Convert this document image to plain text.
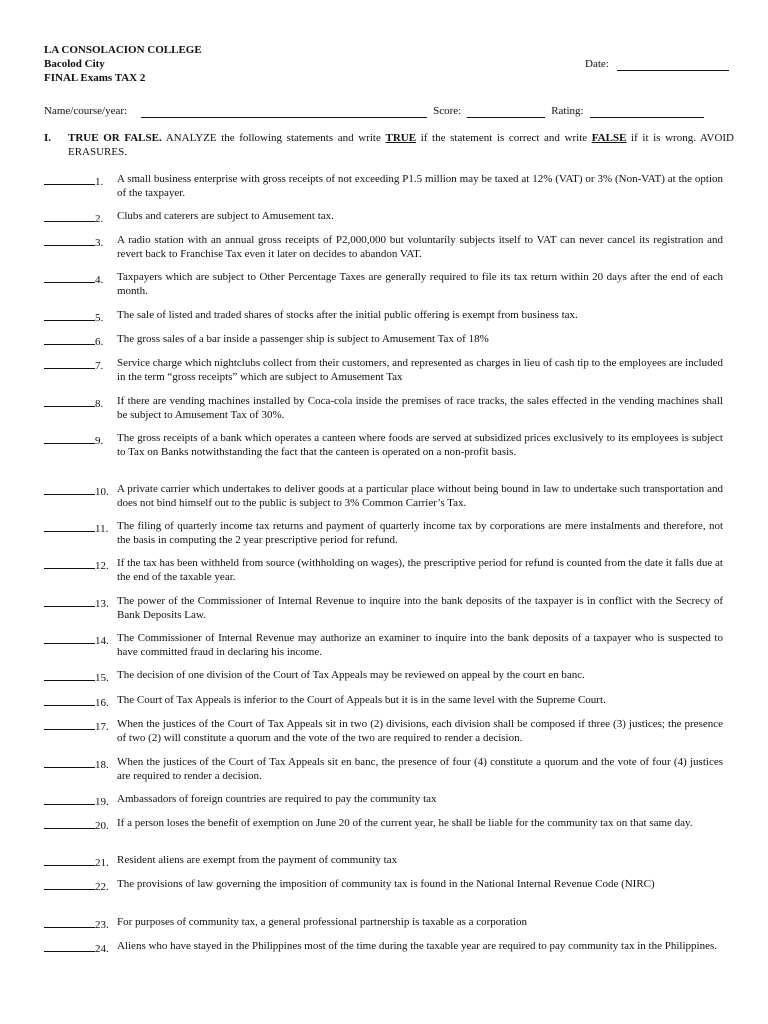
LA CONSOLACION COLLEGE
Bacolod City
FINAL Exams TAX 2
Date:
Name/course/year:	Score:	Rating:
I. TRUE OR FALSE. ANALYZE the following statements and write TRUE if the statement is correct and write FALSE if it is wrong. AVOID ERASURES.
1.	A small business enterprise with gross receipts of not exceeding P1.5 million may be taxed at 12% (VAT) or 3% (Non-VAT) at the option of the taxpayer.
2.	Clubs and caterers are subject to Amusement tax.
3.	A radio station with an annual gross receipts of P2,000,000 but voluntarily subjects itself to VAT can never cancel its registration and revert back to Franchise Tax even it later on decides to abandon VAT.
4.	Taxpayers which are subject to Other Percentage Taxes are generally required to file its tax return within 20 days after the end of each month.
5.	The sale of listed and traded shares of stocks after the initial public offering is exempt from business tax.
6.	The gross sales of a bar inside a passenger ship is subject to Amusement Tax of 18%
7.	Service charge which nightclubs collect from their customers, and represented as charges in lieu of cash tip to the employees are included in the term “gross receipts” which are subject to Amusement Tax
8.	If there are vending machines installed by Coca-cola inside the premises of race tracks, the sales effected in the vending machines shall be subject to Amusement Tax of 30%.
9.	The gross receipts of a bank which operates a canteen where foods are served at subsidized prices exclusively to its employees is subject to Tax on Banks notwithstanding the fact that the canteen is operated on a non-profit basis.
10. A private carrier which undertakes to deliver goods at a particular place without being bound in law to undertake such transportation and does not bind himself out to the public is subject to 3% Common Carrier’s Tax.
11. The filing of quarterly income tax returns and payment of quarterly income tax by corporations are mere instalments and therefore, not the basis in computing the 2 year prescriptive period for refund.
12. If the tax has been withheld from source (withholding on wages), the prescriptive period for refund is counted from the date it falls due at the end of the taxable year.
13. The power of the Commissioner of Internal Revenue to inquire into the bank deposits of the taxpayer is in conflict with the Secrecy of Bank Deposits Law.
14. The Commissioner of Internal Revenue may authorize an examiner to inquire into the bank deposits of a taxpayer who is suspected to have committed fraud in declaring his income.
15. The decision of one division of the Court of Tax Appeals may be reviewed on appeal by the court en banc.
16. The Court of Tax Appeals is inferior to the Court of Appeals but it is in the same level with the Supreme Court.
17. When the justices of the Court of Tax Appeals sit in two (2) divisions, each division shall be composed if three (3) justices; the presence of two (2) will constitute a quorum and the vote of the two are required to render a decision.
18. When the justices of the Court of Tax Appeals sit en banc, the presence of four (4) constitute a quorum and the vote of four (4) justices are required to render a decision.
19. Ambassadors of foreign countries are required to pay the community tax
20. If a person loses the benefit of exemption on June 20 of the current year, he shall be liable for the community tax on that same day.
21. Resident aliens are exempt from the payment of community tax
22. The provisions of law governing the imposition of community tax is found in the National Internal Revenue Code (NIRC)
23. For purposes of community tax, a general professional partnership is taxable as a corporation
24. Aliens who have stayed in the Philippines most of the time during the taxable year are required to pay community tax in the Philippines.
